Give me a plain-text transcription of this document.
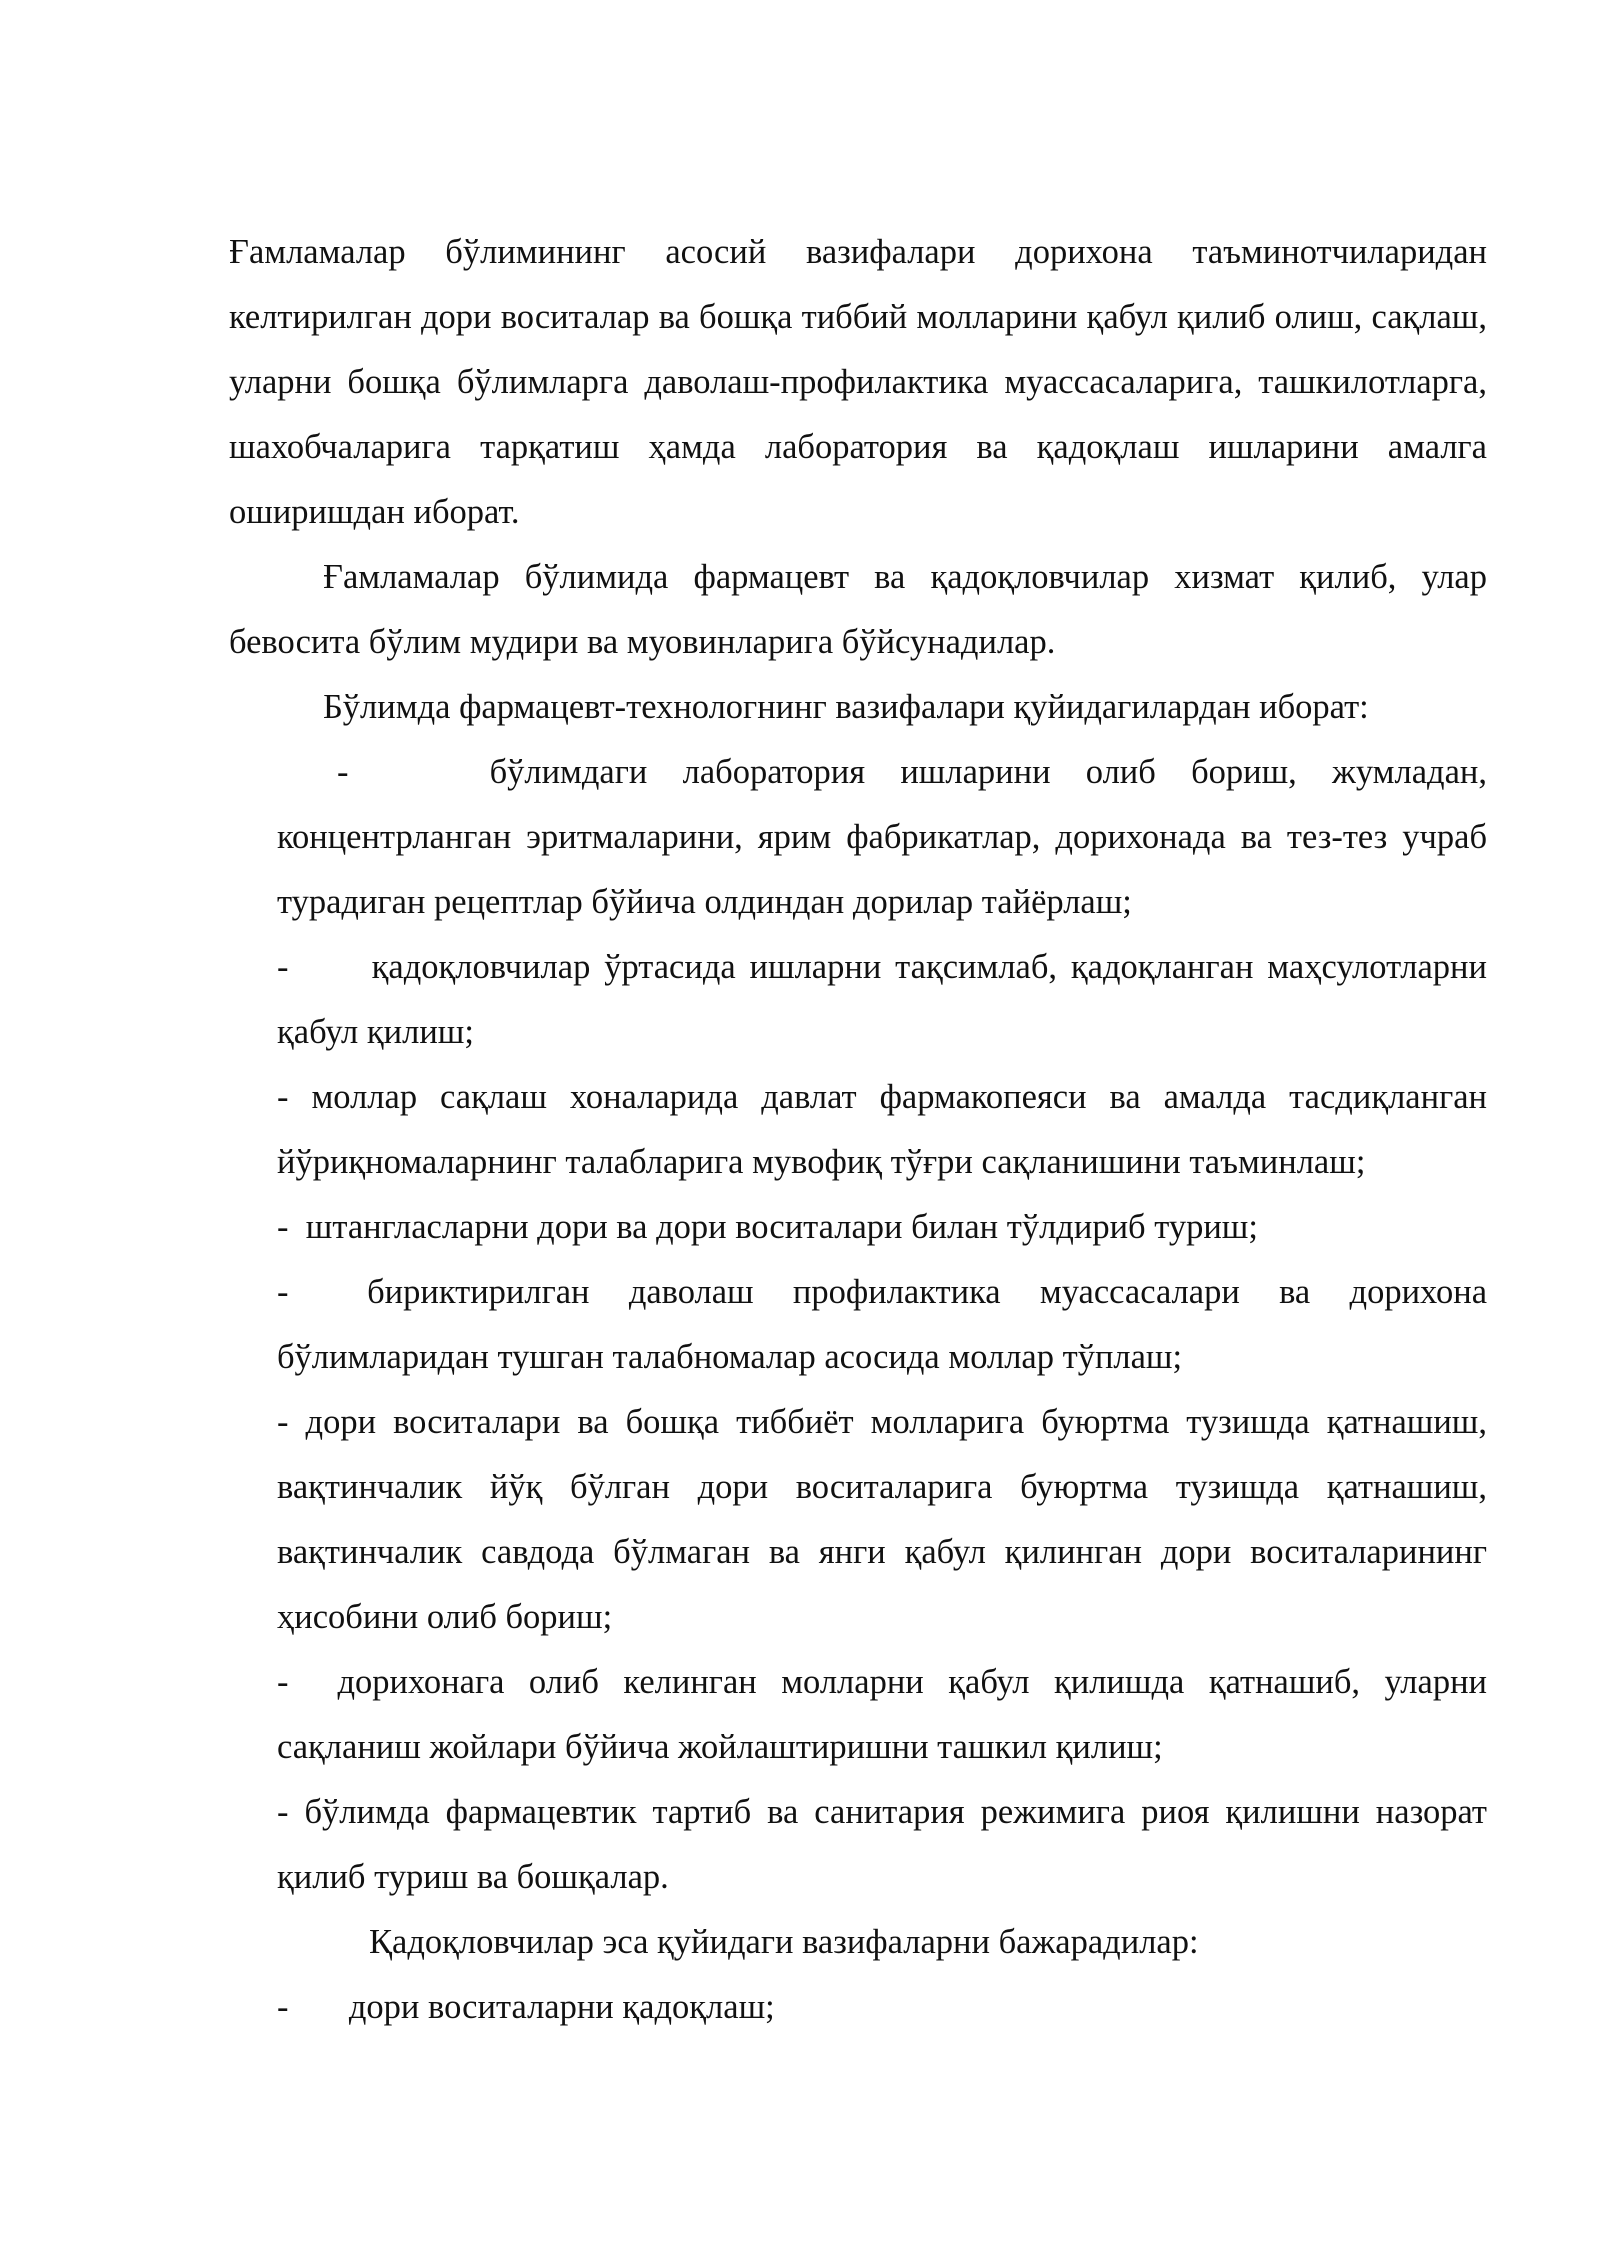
Ғамламалар бўлимининг асосий вазифалари дорихона таъминотчиларидан келтирилган дори воситалар ва бошқа тиббий молларини қабул қилиб олиш, сақлаш, уларни бошқа бўлимларга даволаш-профилактика муассасаларига, ташкилотларга, шахобчаларига тарқатиш ҳамда лаборатория ва қадоқлаш ишларини амалга оширишдан иборат.

Ғамламалар бўлимида фармацевт ва қадоқловчилар хизмат қилиб, улар бевосита бўлим мудири ва муовинларига бўйсунадилар.

Бўлимда фармацевт-технологнинг вазифалари қуйидагилардан иборат:

-	бўлимдаги лаборатория ишларини олиб бориш, жумладан, концентрланган эритмаларини, ярим фабрикатлар, дорихонада ва тез-тез учраб турадиган рецептлар бўйича олдиндан дорилар тайёрлаш;
- қадоқловчилар ўртасида ишларни тақсимлаб, қадоқланган маҳсулотларни қабул қилиш;
- моллар сақлаш хоналарида давлат фармакопеяси ва амалда тасдиқланган йўриқномаларнинг талабларига мувофиқ тўғри сақланишини таъминлаш;
- штангласларни дори ва дори воситалари билан тўлдириб туриш;
- бириктирилган даволаш профилактика муассасалари ва дорихона бўлимларидан тушган талабномалар асосида моллар тўплаш;
- дори воситалари ва бошқа тиббиёт молларига буюртма тузишда қатнашиш, вақтинчалик йўқ бўлган дори воситаларига буюртма тузишда қатнашиш, вақтинчалик савдода бўлмаган ва янги қабул қилинган дори воситаларининг ҳисобини олиб бориш;
- дорихонага олиб келинган молларни қабул қилишда қатнашиб, уларни сақланиш жойлари бўйича жойлаштиришни ташкил қилиш;
- бўлимда фармацевтик тартиб ва санитария режимига риоя қилишни назорат қилиб туриш ва бошқалар.

Қадоқловчилар эса қуйидаги вазифаларни бажарадилар:

- дори воситаларни қадоқлаш;
